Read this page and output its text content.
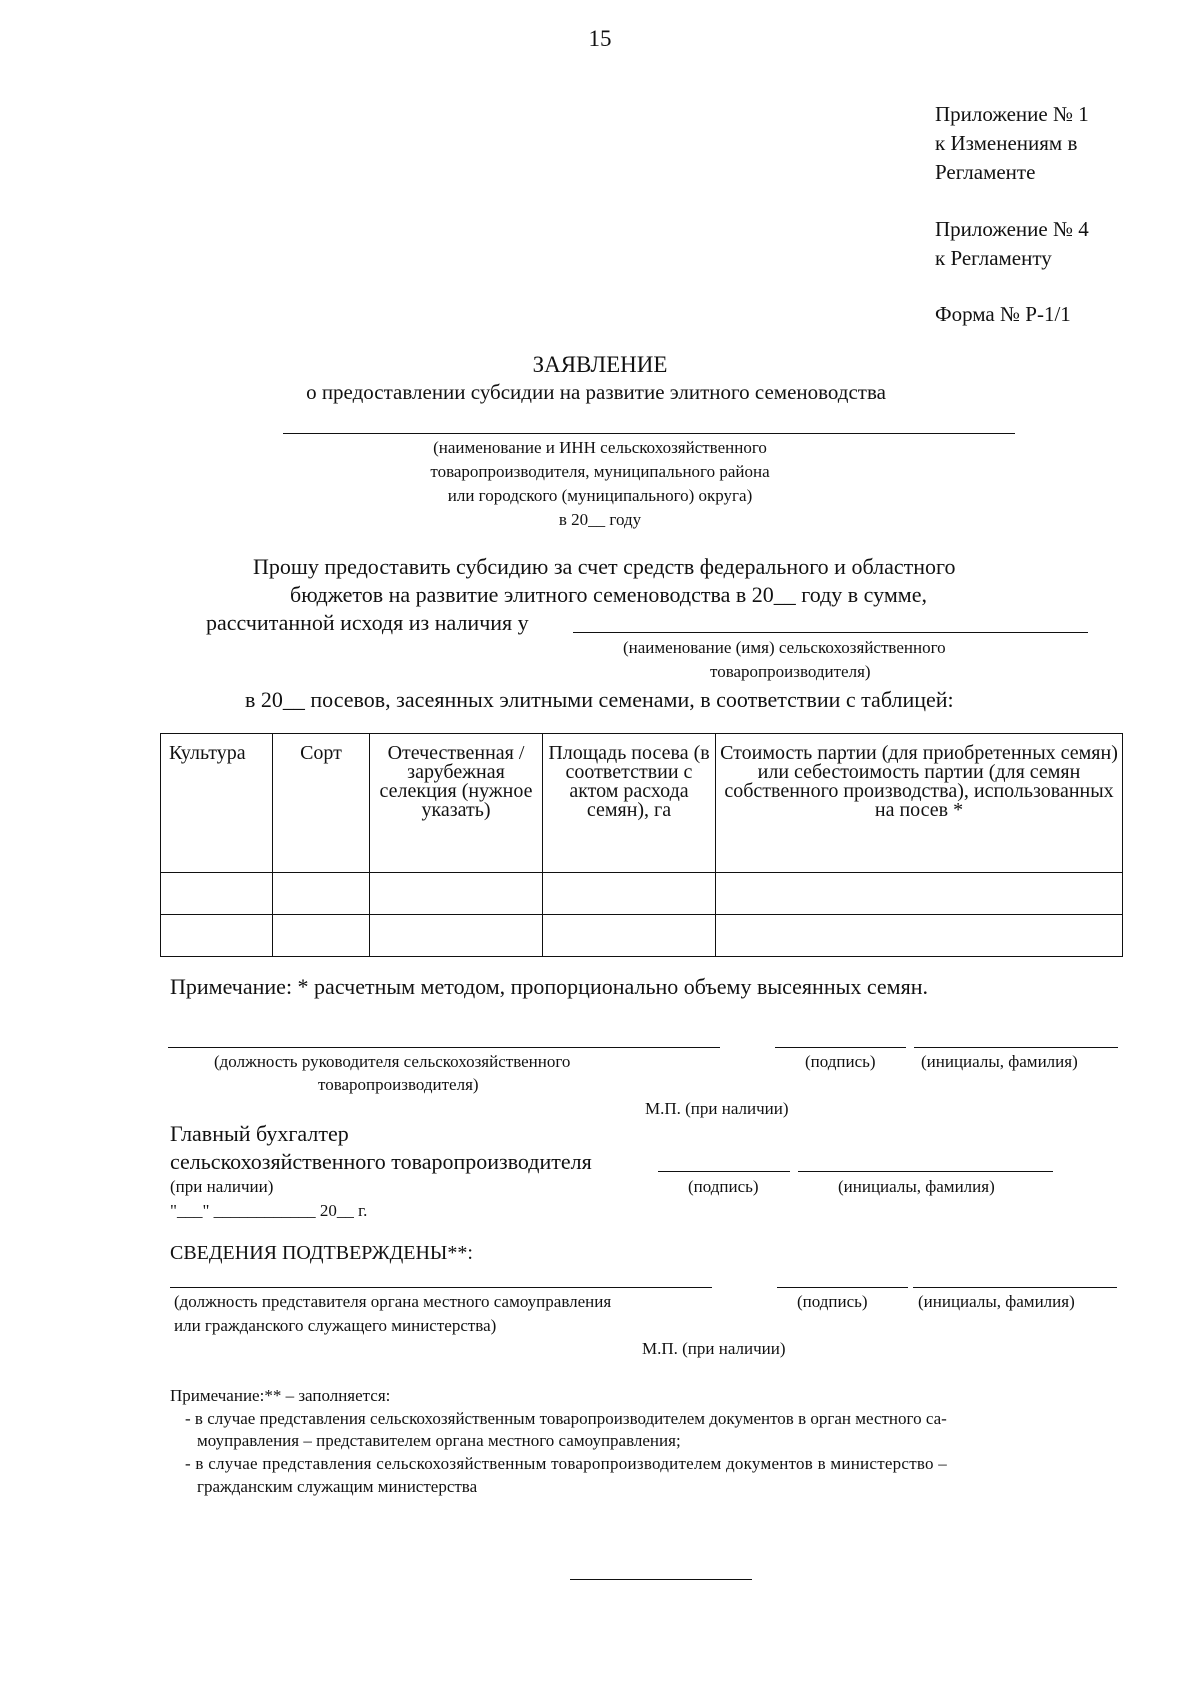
15
Приложение № 1
к Изменениям в
Регламенте
Приложение № 4
к Регламенту
Форма № Р-1/1
ЗАЯВЛЕНИЕ
о предоставлении субсидии на развитие элитного семеноводства
(наименование и ИНН сельскохозяйственного
товаропроизводителя, муниципального района
или городского (муниципального) округа)
в 20__ году
Прошу предоставить субсидию за счет средств федерального и областного
бюджетов на развитие элитного семеноводства в 20__ году в сумме,
рассчитанной исходя из наличия у
(наименование (имя) сельскохозяйственного
товаропроизводителя)
в 20__ посевов, засеянных элитными семенами, в соответствии с таблицей:
Культура	Сорт	Отечественная / зарубежная селекция (нужное указать)	Площадь посева (в соответствии с актом расхода семян), га	Стоимость партии (для приобретенных семян) или себестоимость партии (для семян собственного производства), использованных на посев *

Примечание: * расчетным методом, пропорционально объему высеянных семян.
(должность руководителя сельскохозяйственного
товаропроизводителя)
(подпись)	(инициалы, фамилия)
М.П. (при наличии)
Главный бухгалтер
сельскохозяйственного товаропроизводителя
(при наличии)	(подпись)	(инициалы, фамилия)
"___" ____________ 20__ г.
СВЕДЕНИЯ ПОДТВЕРЖДЕНЫ**:
(должность представителя органа местного самоуправления
или гражданского служащего министерства)
(подпись)	(инициалы, фамилия)
М.П. (при наличии)
Примечание:** – заполняется:
- в случае представления сельскохозяйственным товаропроизводителем документов в орган местного са-
моуправления – представителем органа местного самоуправления;
- в случае представления сельскохозяйственным товаропроизводителем документов в министерство –
гражданским служащим министерства
